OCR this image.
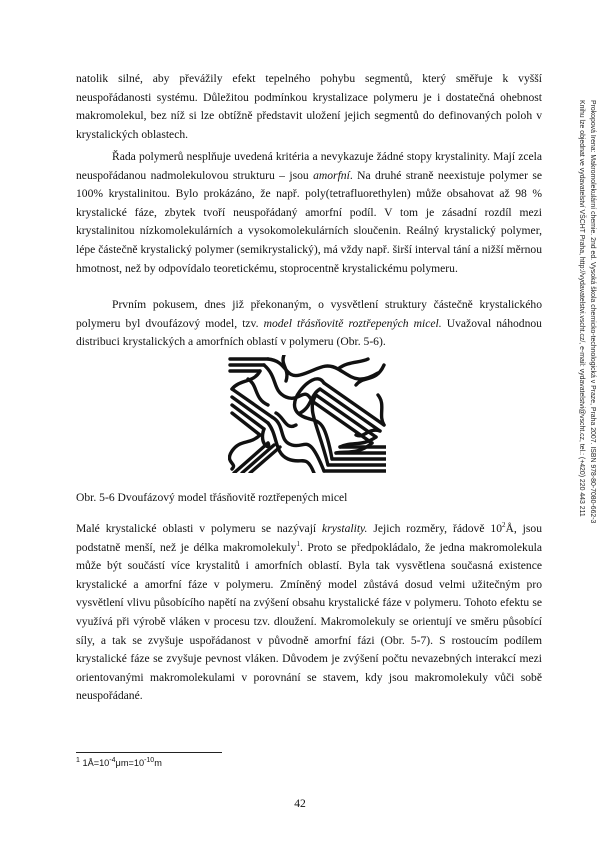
natolik silné, aby převážily efekt tepelného pohybu segmentů, který směřuje k vyšší neuspořádanosti systému. Důležitou podmínkou krystalizace polymeru je i dostatečná ohebnost makromolekul, bez níž si lze obtížně představit uložení jejich segmentů do definovaných poloh v krystalických oblastech.

Řada polymerů nesplňuje uvedená kritéria a nevykazuje žádné stopy krystalinity. Mají zcela neuspořádanou nadmolekulovou strukturu – jsou amorfní. Na druhé straně neexistuje polymer se 100% krystalinitou. Bylo prokázáno, že např. poly(tetrafluorethylen) může obsahovat až 98 % krystalické fáze, zbytek tvoří neuspořádaný amorfní podíl. V tom je zásadní rozdíl mezi krystalinitou nízkomolekulárních a vysokomolekulárních sloučenin. Reálný krystalický polymer, lépe částečně krystalický polymer (semikrystalický), má vždy např. širší interval tání a nižší měrnou hmotnost, než by odpovídalo teoretickému, stoprocentně krystalickému polymeru.

Prvním pokusem, dnes již překonaným, o vysvětlení struktury částečně krystalického polymeru byl dvoufázový model, tzv. model třásňovitě roztřepených micel. Uvažoval náhodnou distribuci krystalických a amorfních oblastí v polymeru (Obr. 5-6).

Obr. 5-6 Dvoufázový model třásňovitě roztřepených micel

Malé krystalické oblasti v polymeru se nazývají krystality. Jejich rozměry, řádově $10^2Å$, jsou podstatně menší, než je délka makromolekuly$^1$. Proto se předpokládalo, že jedna makromolekula může být součástí více krystalitů i amorfních oblastí. Byla tak vysvětlena současná existence krystalické a amorfní fáze v polymeru. Zmíněný model zůstává dosud velmi užitečným pro vysvětlení vlivu působícího napětí na zvýšení obsahu krystalické fáze v polymeru. Tohoto efektu se využívá při výrobě vláken v procesu tzv. dloužení. Makromolekuly se orientují ve směru působící síly, a tak se zvyšuje uspořádanost v původně amorfní fázi (Obr. 5-7). S rostoucím podílem krystalické fáze se zvyšuje pevnost vláken. Důvodem je zvýšení počtu nevazebných interakcí mezi orientovanými makromolekulami v porovnání se stavem, kdy jsou makromolekuly vůči sobě neuspořádané.

$^1$ $1Å=10^{-4}\mu m=10^{-10}m$
42
Prokopová Irena: Makromolekulární chemie. 2nd ed. Vysoká škola chemicko-technologická v Praze, Praha 2007. ISBN 978-80-7080-662-3
Knihu lze objednat ve vydavatelství VŠCHT Praha, http://vydavatelstvi.vscht.cz/, e-mail: vydavatelstvi@vscht.cz, tel.: (+420) 220 443 211
